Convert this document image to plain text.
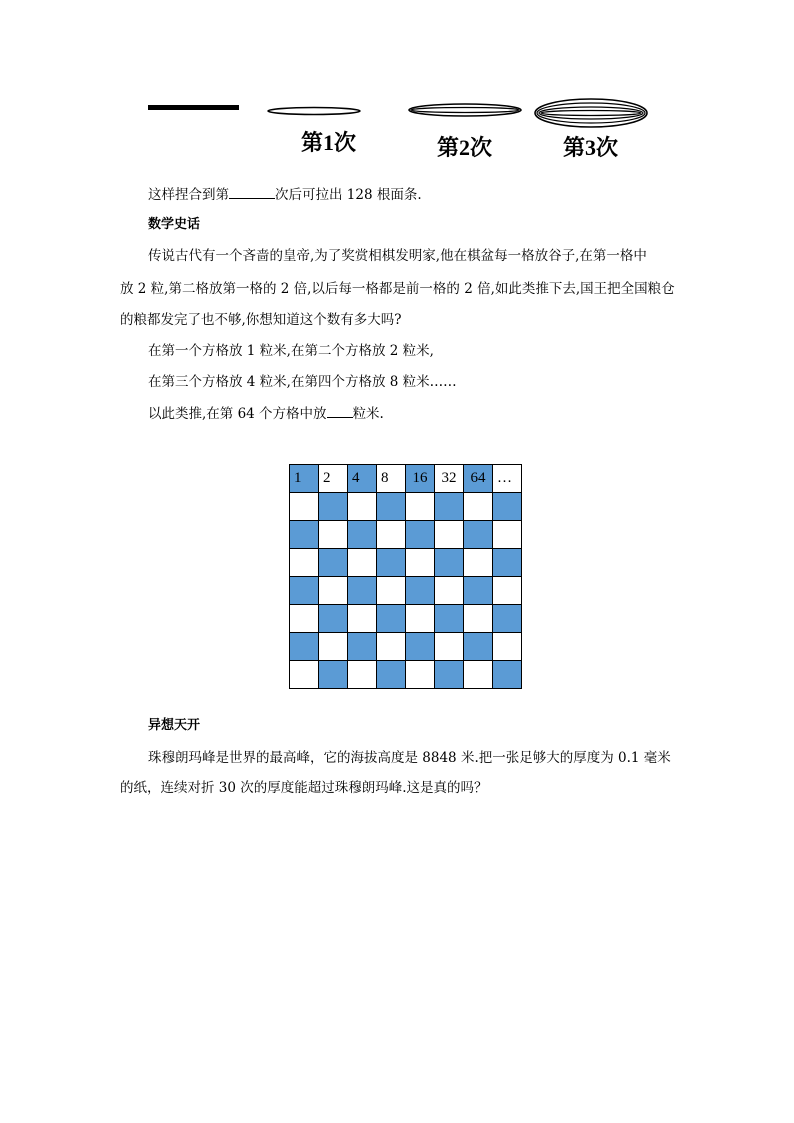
第1次	第2次	第3次
这样捏合到第	次后可拉出 128 根面条.
数学史话
传说古代有一个吝啬的皇帝,为了奖赏相棋发明家,他在棋盆每一格放谷子,在第一格中
放 2 粒,第二格放第一格的 2 倍,以后每一格都是前一格的 2 倍,如此类推下去,国王把全国粮仓
的粮都发完了也不够,你想知道这个数有多大吗?
在第一个方格放 1 粒米,在第二个方格放 2 粒米,
在第三个方格放 4 粒米,在第四个方格放 8 粒米……
以此类推,在第 64 个方格中放 粒米.
1	2	4	8	16	32	64	…

异想天开
珠穆朗玛峰是世界的最高峰，它的海拔高度是 8848 米.把一张足够大的厚度为 0.1 毫米
的纸，连续对折 30 次的厚度能超过珠穆朗玛峰.这是真的吗？
